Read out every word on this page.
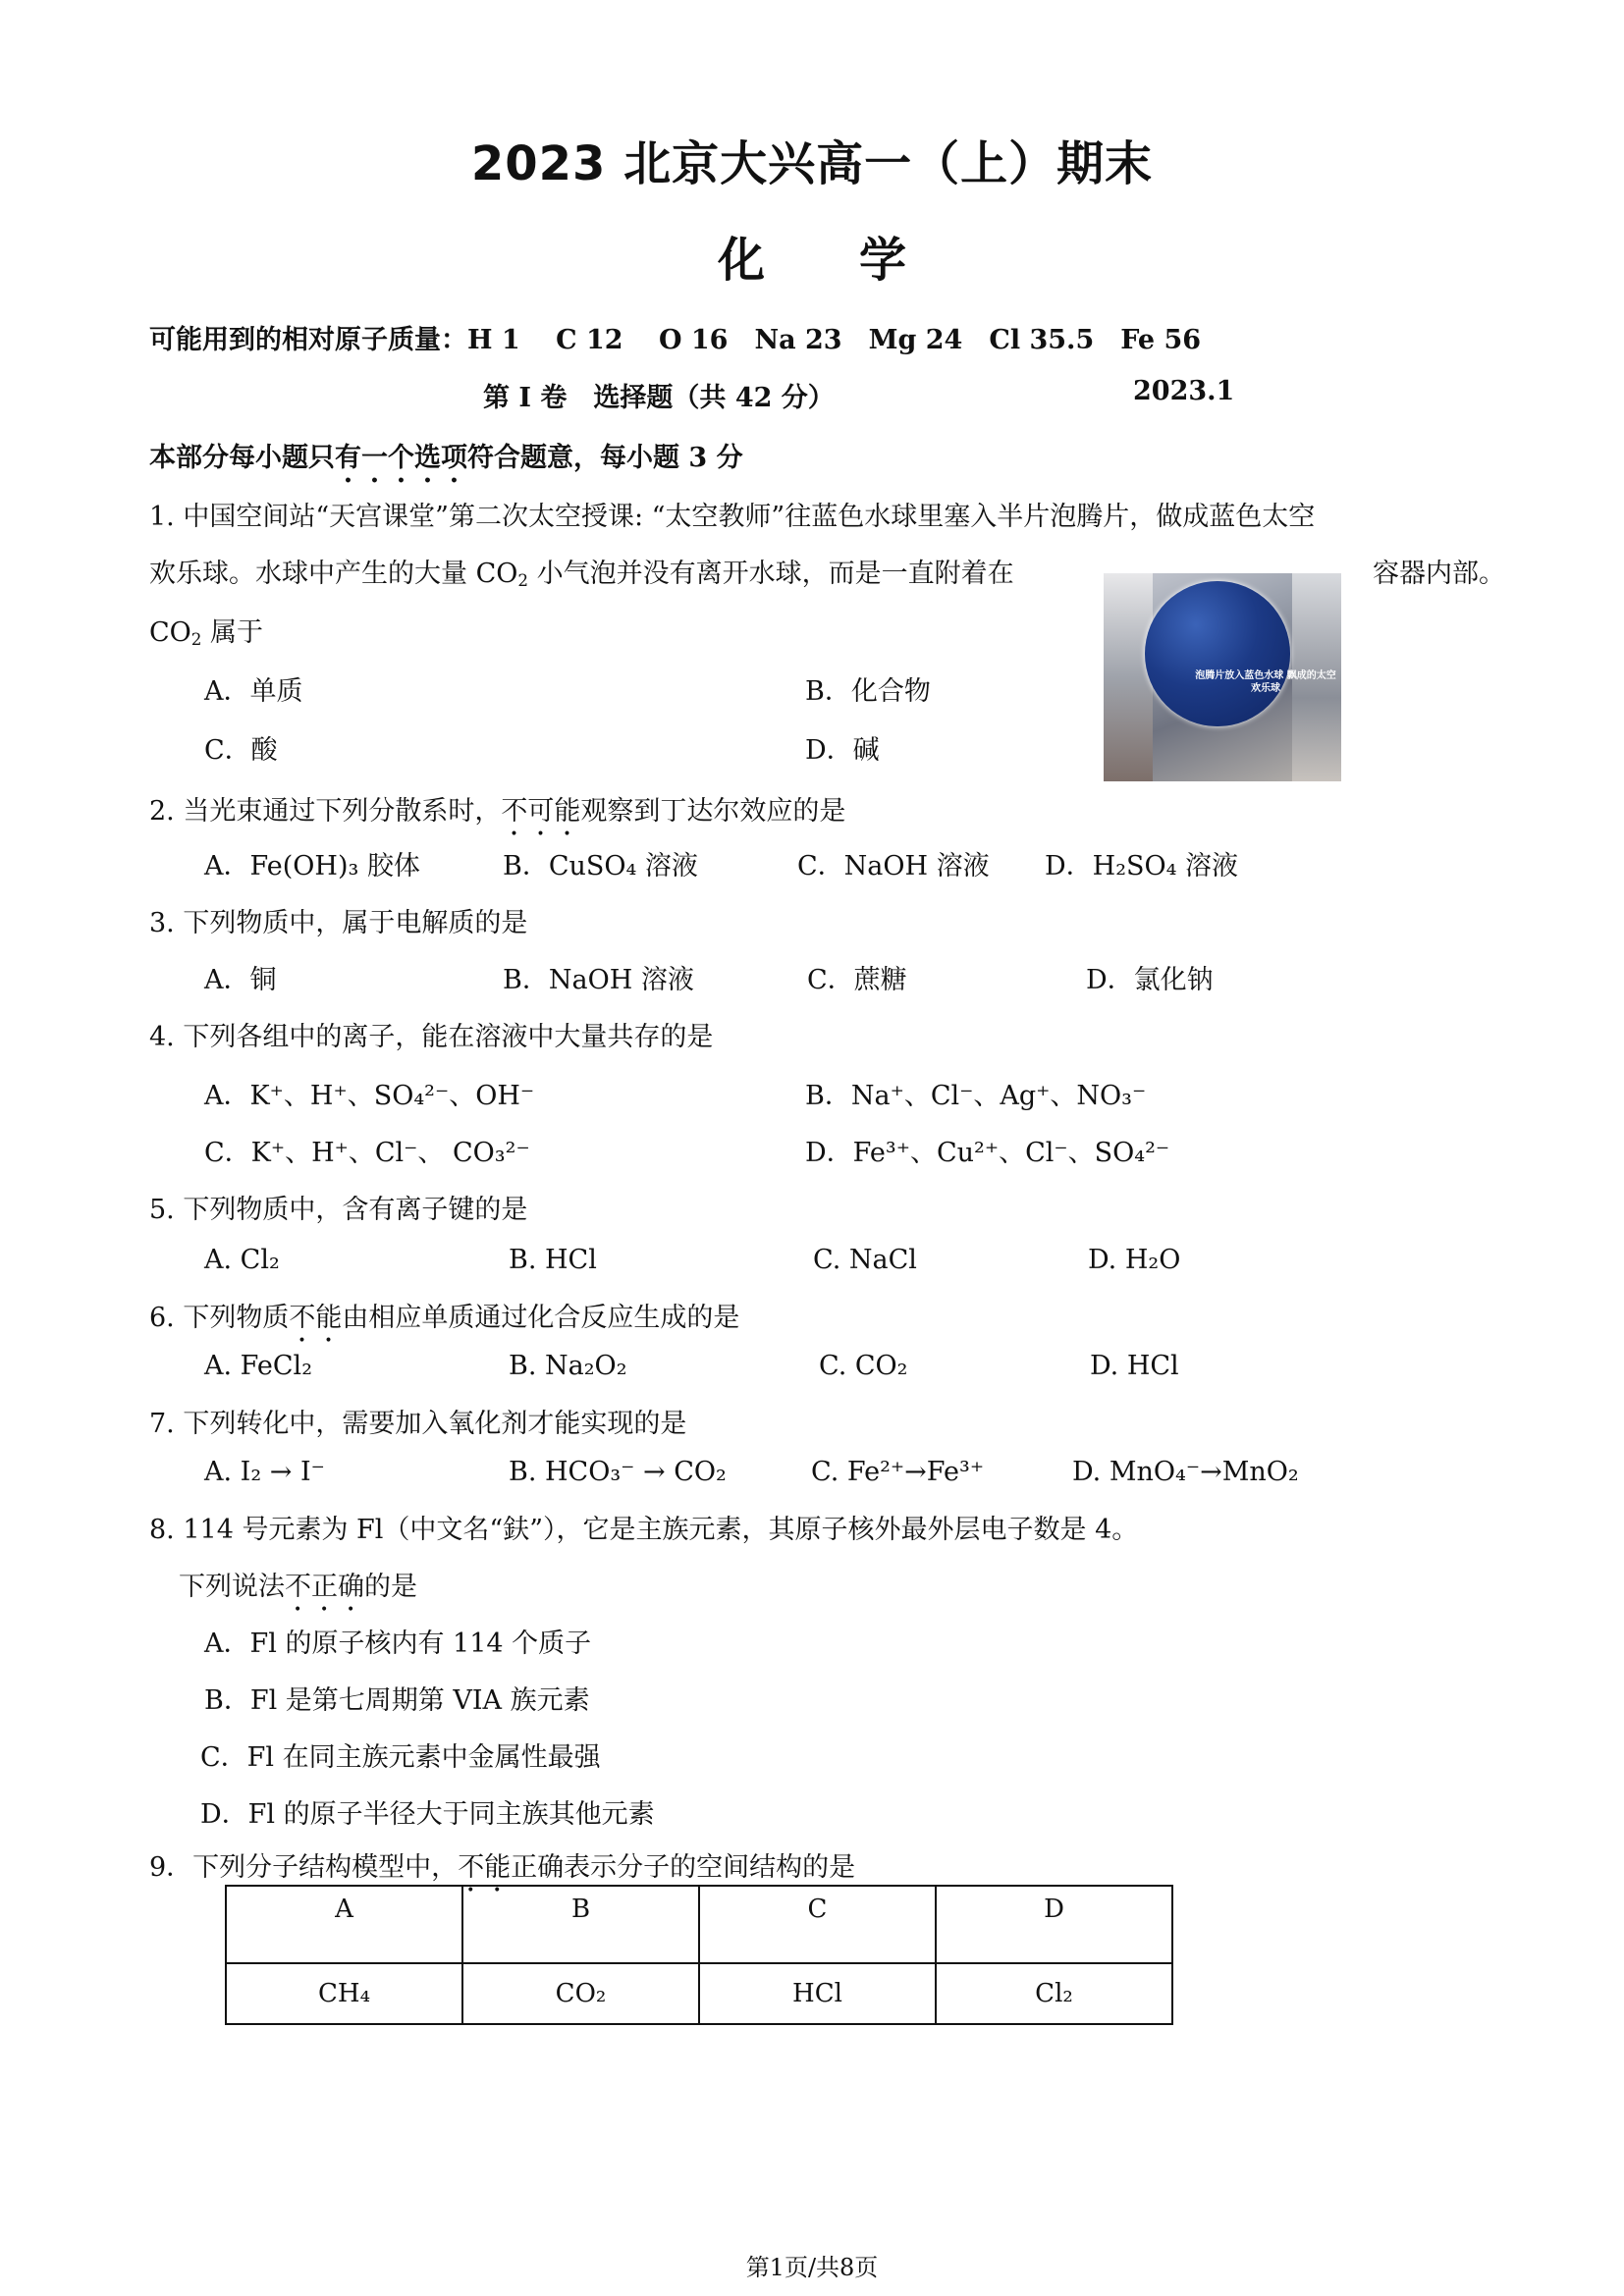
2023 北京大兴高一（上）期末
化 学
可能用到的相对原子质量：H 1　 C 12　 O 16　Na 23　Mg 24　Cl 35.5　Fe 56
第 I 卷　选择题（共 42 分）	2023.1
本部分每小题只有一个选项符合题意，每小题 3 分
1. 中国空间站“天宫课堂”第二次太空授课: “太空教师”往蓝色水球里塞入半片泡腾片，做成蓝色太空
欢乐球。水球中产生的大量 $CO_2$ 小气泡并没有离开水球，而是一直附着在	容器内部。
$CO_2$ 属于
A．单质	B．化合物
C．酸	D．碱
泡腾片放入蓝色水球 飘成的太空欢乐球
2. 当光束通过下列分散系时，不可能观察到丁达尔效应的是
A．Fe(OH)₃ 胶体	B．CuSO₄ 溶液	C．NaOH 溶液 D．H₂SO₄ 溶液
3. 下列物质中，属于电解质的是
A．铜	B．NaOH 溶液	C．蔗糖	D．氯化钠
4. 下列各组中的离子，能在溶液中大量共存的是
A．K⁺、H⁺、SO₄²⁻、OH⁻	B．Na⁺、Cl⁻、Ag⁺、NO₃⁻
C．K⁺、H⁺、Cl⁻、 CO₃²⁻	D．Fe³⁺、Cu²⁺、Cl⁻、SO₄²⁻
5. 下列物质中，含有离子键的是
A. Cl₂	B. HCl	C. NaCl	D. H₂O
6. 下列物质不能由相应单质通过化合反应生成的是
A. FeCl₂	B. Na₂O₂	C. CO₂	D. HCl
7. 下列转化中，需要加入氧化剂才能实现的是
A. I₂ → I⁻	B. HCO₃⁻ → CO₂	C. Fe²⁺→Fe³⁺	D. MnO₄⁻→MnO₂
8. 114 号元素为 Fl（中文名“鈇”），它是主族元素，其原子核外最外层电子数是 4。
下列说法不正确的是
A．Fl 的原子核内有 114 个质子
B．Fl 是第七周期第 VIA 族元素
C．Fl 在同主族元素中金属性最强
D．Fl 的原子半径大于同主族其他元素
9．下列分子结构模型中，不能正确表示分子的空间结构的是
A	B	C	D
CH₄	CO₂	HCl	Cl₂
第1页/共8页
